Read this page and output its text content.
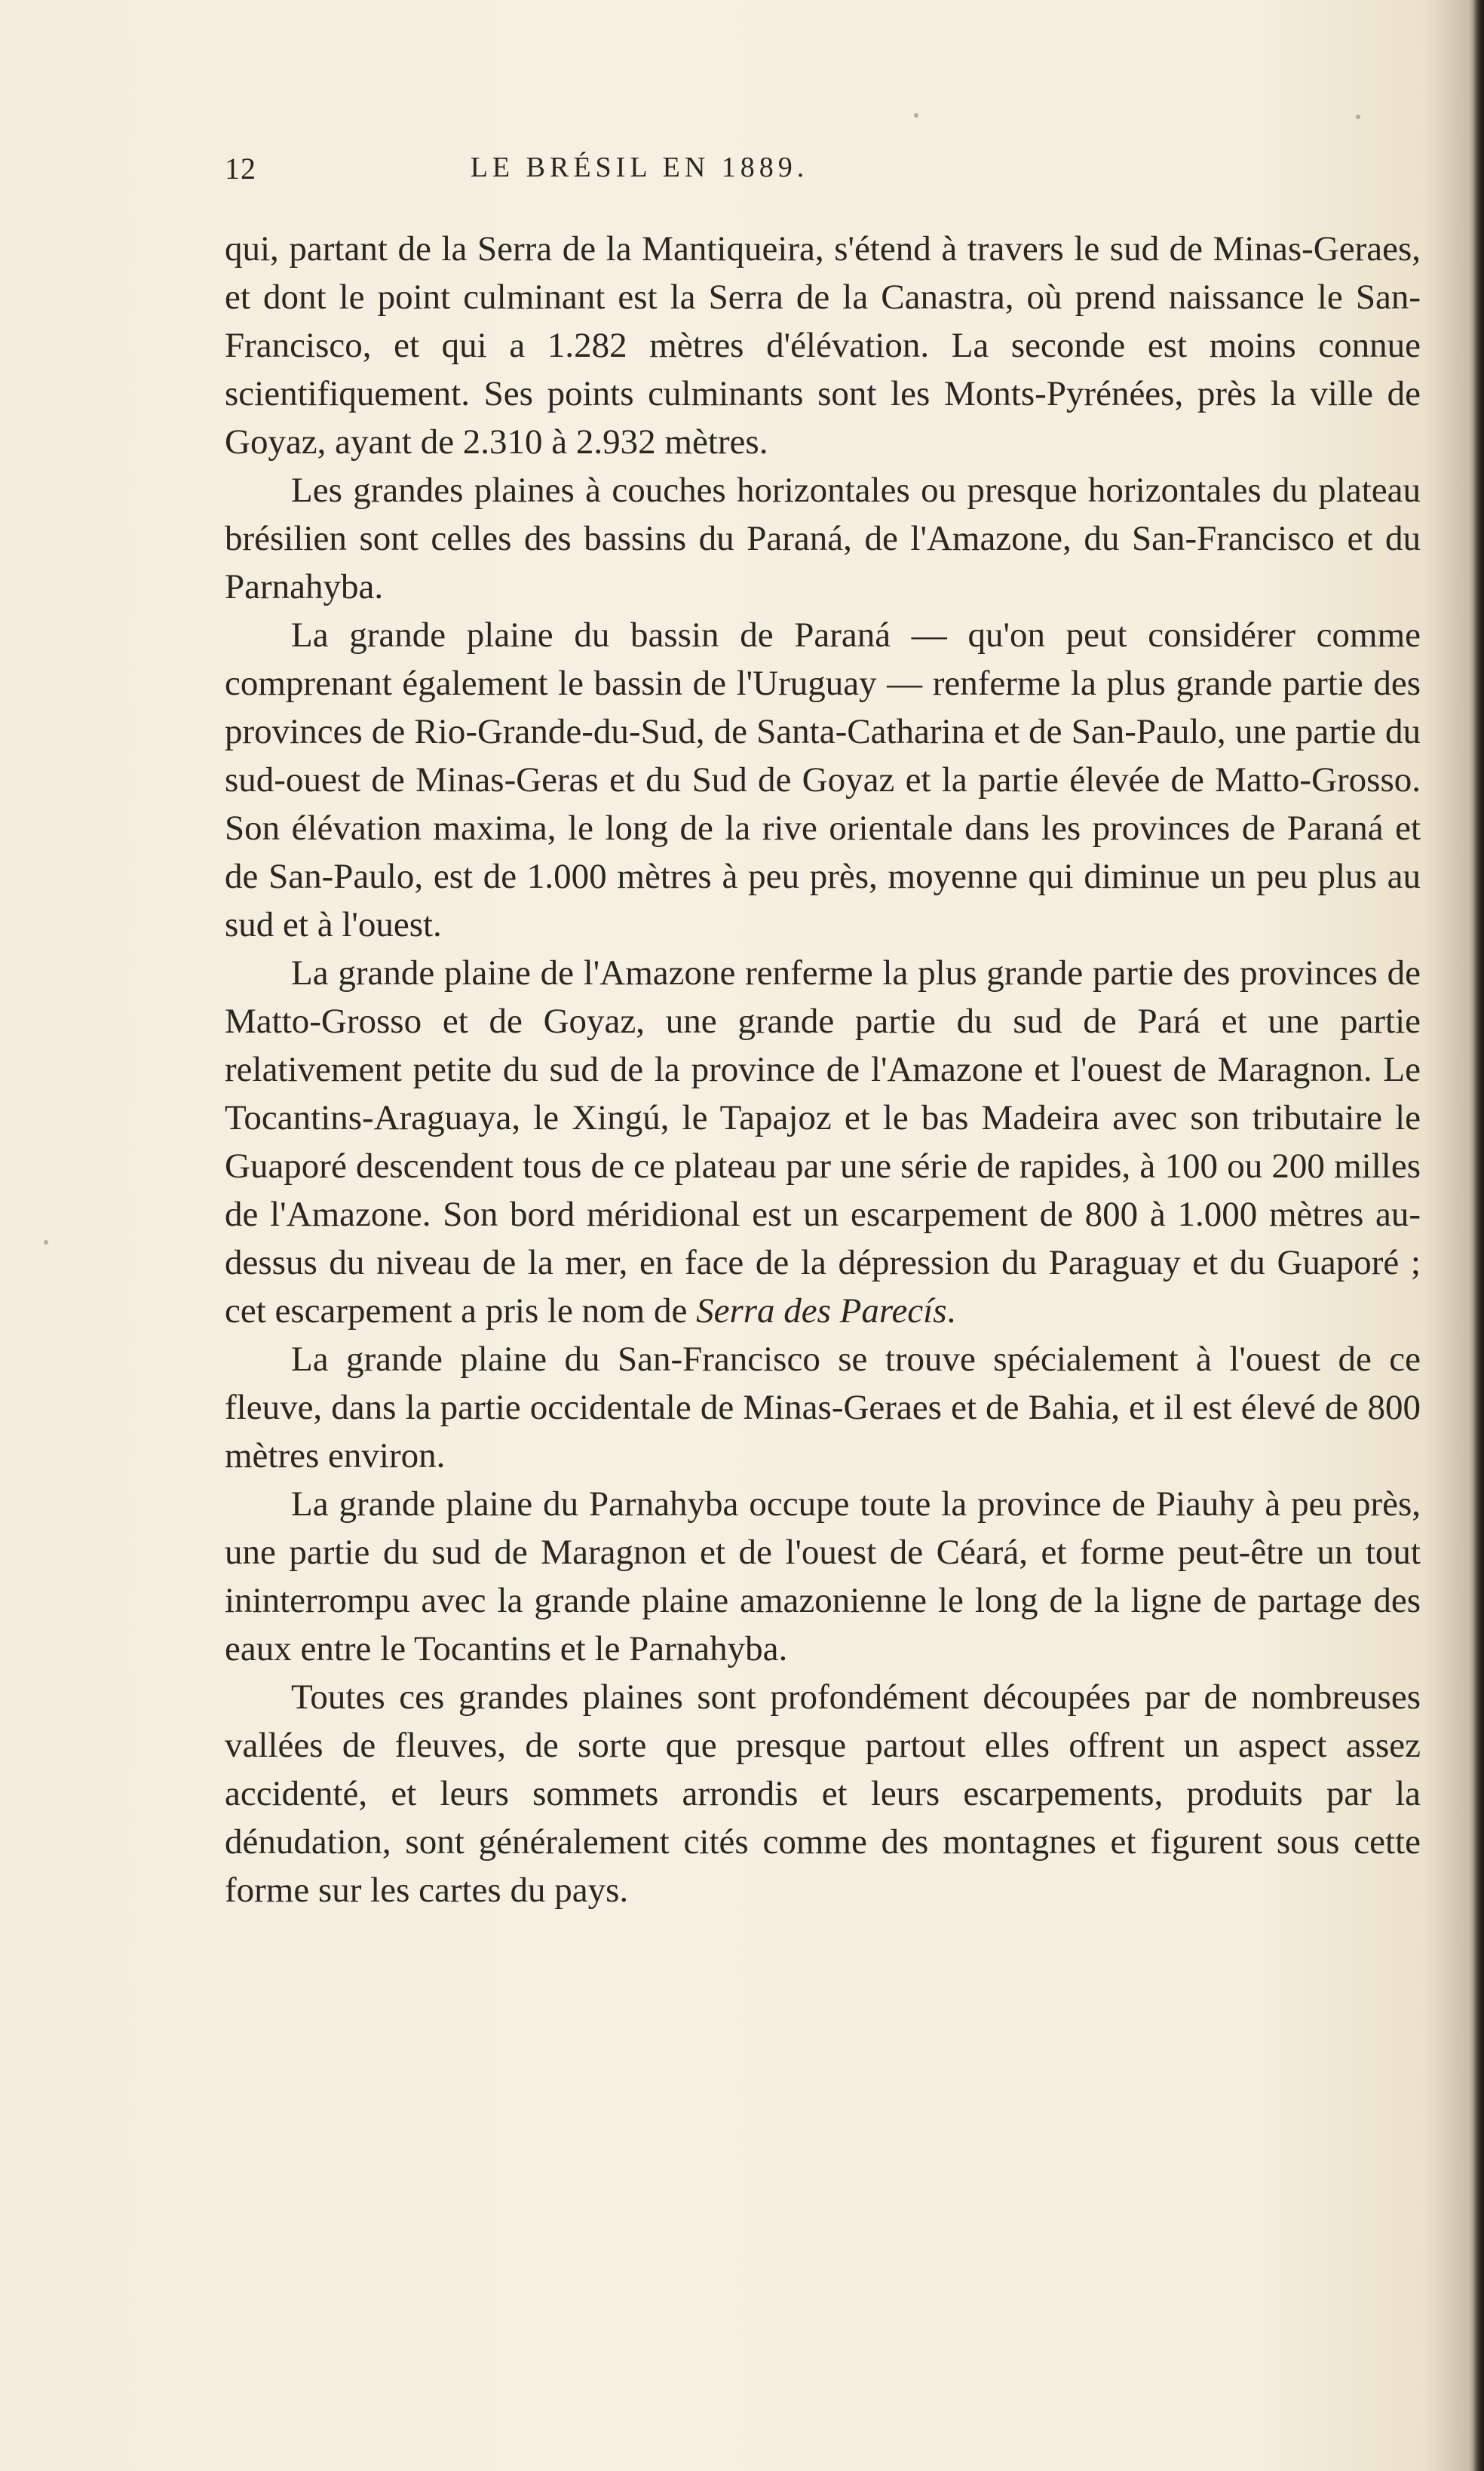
12	LE BRÉSIL EN 1889.

qui, partant de la Serra de la Mantiqueira, s'étend à travers le sud de Minas-Geraes, et dont le point culminant est la Serra de la Canastra, où prend naissance le San-Francisco, et qui a 1.282 mètres d'élévation. La seconde est moins connue scientifiquement. Ses points culminants sont les Monts-Pyrénées, près la ville de Goyaz, ayant de 2.310 à 2.932 mètres.

Les grandes plaines à couches horizontales ou presque horizontales du plateau brésilien sont celles des bassins du Paraná, de l'Amazone, du San-Francisco et du Parnahyba.

La grande plaine du bassin de Paraná — qu'on peut considérer comme comprenant également le bassin de l'Uruguay — renferme la plus grande partie des provinces de Rio-Grande-du-Sud, de Santa-Catharina et de San-Paulo, une partie du sud-ouest de Minas-Geras et du Sud de Goyaz et la partie élevée de Matto-Grosso. Son élévation maxima, le long de la rive orientale dans les provinces de Paraná et de San-Paulo, est de 1.000 mètres à peu près, moyenne qui diminue un peu plus au sud et à l'ouest.

La grande plaine de l'Amazone renferme la plus grande partie des provinces de Matto-Grosso et de Goyaz, une grande partie du sud de Pará et une partie relativement petite du sud de la province de l'Amazone et l'ouest de Maragnon. Le Tocantins-Araguaya, le Xingú, le Tapajoz et le bas Madeira avec son tributaire le Guaporé descendent tous de ce plateau par une série de rapides, à 100 ou 200 milles de l'Amazone. Son bord méridional est un escarpement de 800 à 1.000 mètres au-dessus du niveau de la mer, en face de la dépression du Paraguay et du Guaporé ; cet escarpement a pris le nom de Serra des Parecís.

La grande plaine du San-Francisco se trouve spécialement à l'ouest de ce fleuve, dans la partie occidentale de Minas-Geraes et de Bahia, et il est élevé de 800 mètres environ.

La grande plaine du Parnahyba occupe toute la province de Piauhy à peu près, une partie du sud de Maragnon et de l'ouest de Céará, et forme peut-être un tout ininterrompu avec la grande plaine amazonienne le long de la ligne de partage des eaux entre le Tocantins et le Parnahyba.

Toutes ces grandes plaines sont profondément découpées par de nombreuses vallées de fleuves, de sorte que presque partout elles offrent un aspect assez accidenté, et leurs sommets arrondis et leurs escarpements, produits par la dénudation, sont généralement cités comme des montagnes et figurent sous cette forme sur les cartes du pays.
